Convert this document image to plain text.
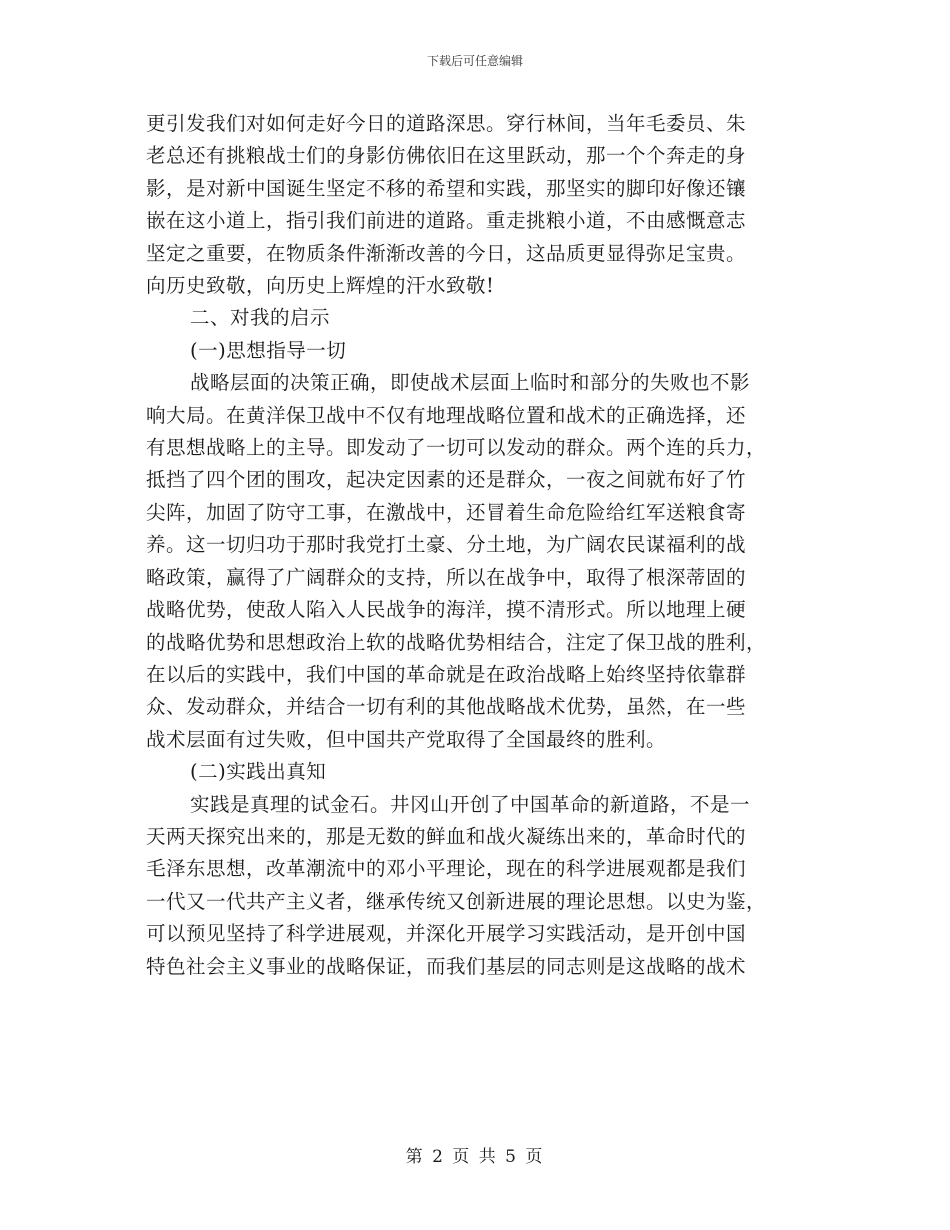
下载后可任意编辑
更引发我们对如何走好今日的道路深思。穿行林间，当年毛委员、朱
老总还有挑粮战士们的身影仿佛依旧在这里跃动，那一个个奔走的身
影，是对新中国诞生坚定不移的希望和实践，那坚实的脚印好像还镶
嵌在这小道上，指引我们前进的道路。重走挑粮小道，不由感慨意志
坚定之重要，在物质条件渐渐改善的今日，这品质更显得弥足宝贵。
向历史致敬，向历史上辉煌的汗水致敬!
二、对我的启示
(一)思想指导一切
战略层面的决策正确，即使战术层面上临时和部分的失败也不影
响大局。在黄洋保卫战中不仅有地理战略位置和战术的正确选择，还
有思想战略上的主导。即发动了一切可以发动的群众。两个连的兵力，
抵挡了四个团的围攻，起决定因素的还是群众，一夜之间就布好了竹
尖阵，加固了防守工事，在激战中，还冒着生命危险给红军送粮食寄
养。这一切归功于那时我党打土豪、分土地，为广阔农民谋福利的战
略政策，赢得了广阔群众的支持，所以在战争中，取得了根深蒂固的
战略优势，使敌人陷入人民战争的海洋，摸不清形式。所以地理上硬
的战略优势和思想政治上软的战略优势相结合，注定了保卫战的胜利，
在以后的实践中，我们中国的革命就是在政治战略上始终坚持依靠群
众、发动群众，并结合一切有利的其他战略战术优势，虽然，在一些
战术层面有过失败，但中国共产党取得了全国最终的胜利。
(二)实践出真知
实践是真理的试金石。井冈山开创了中国革命的新道路，不是一
天两天探究出来的，那是无数的鲜血和战火凝练出来的，革命时代的
毛泽东思想，改革潮流中的邓小平理论，现在的科学进展观都是我们
一代又一代共产主义者，继承传统又创新进展的理论思想。以史为鉴，
可以预见坚持了科学进展观，并深化开展学习实践活动，是开创中国
特色社会主义事业的战略保证，而我们基层的同志则是这战略的战术
第 2 页 共 5 页
